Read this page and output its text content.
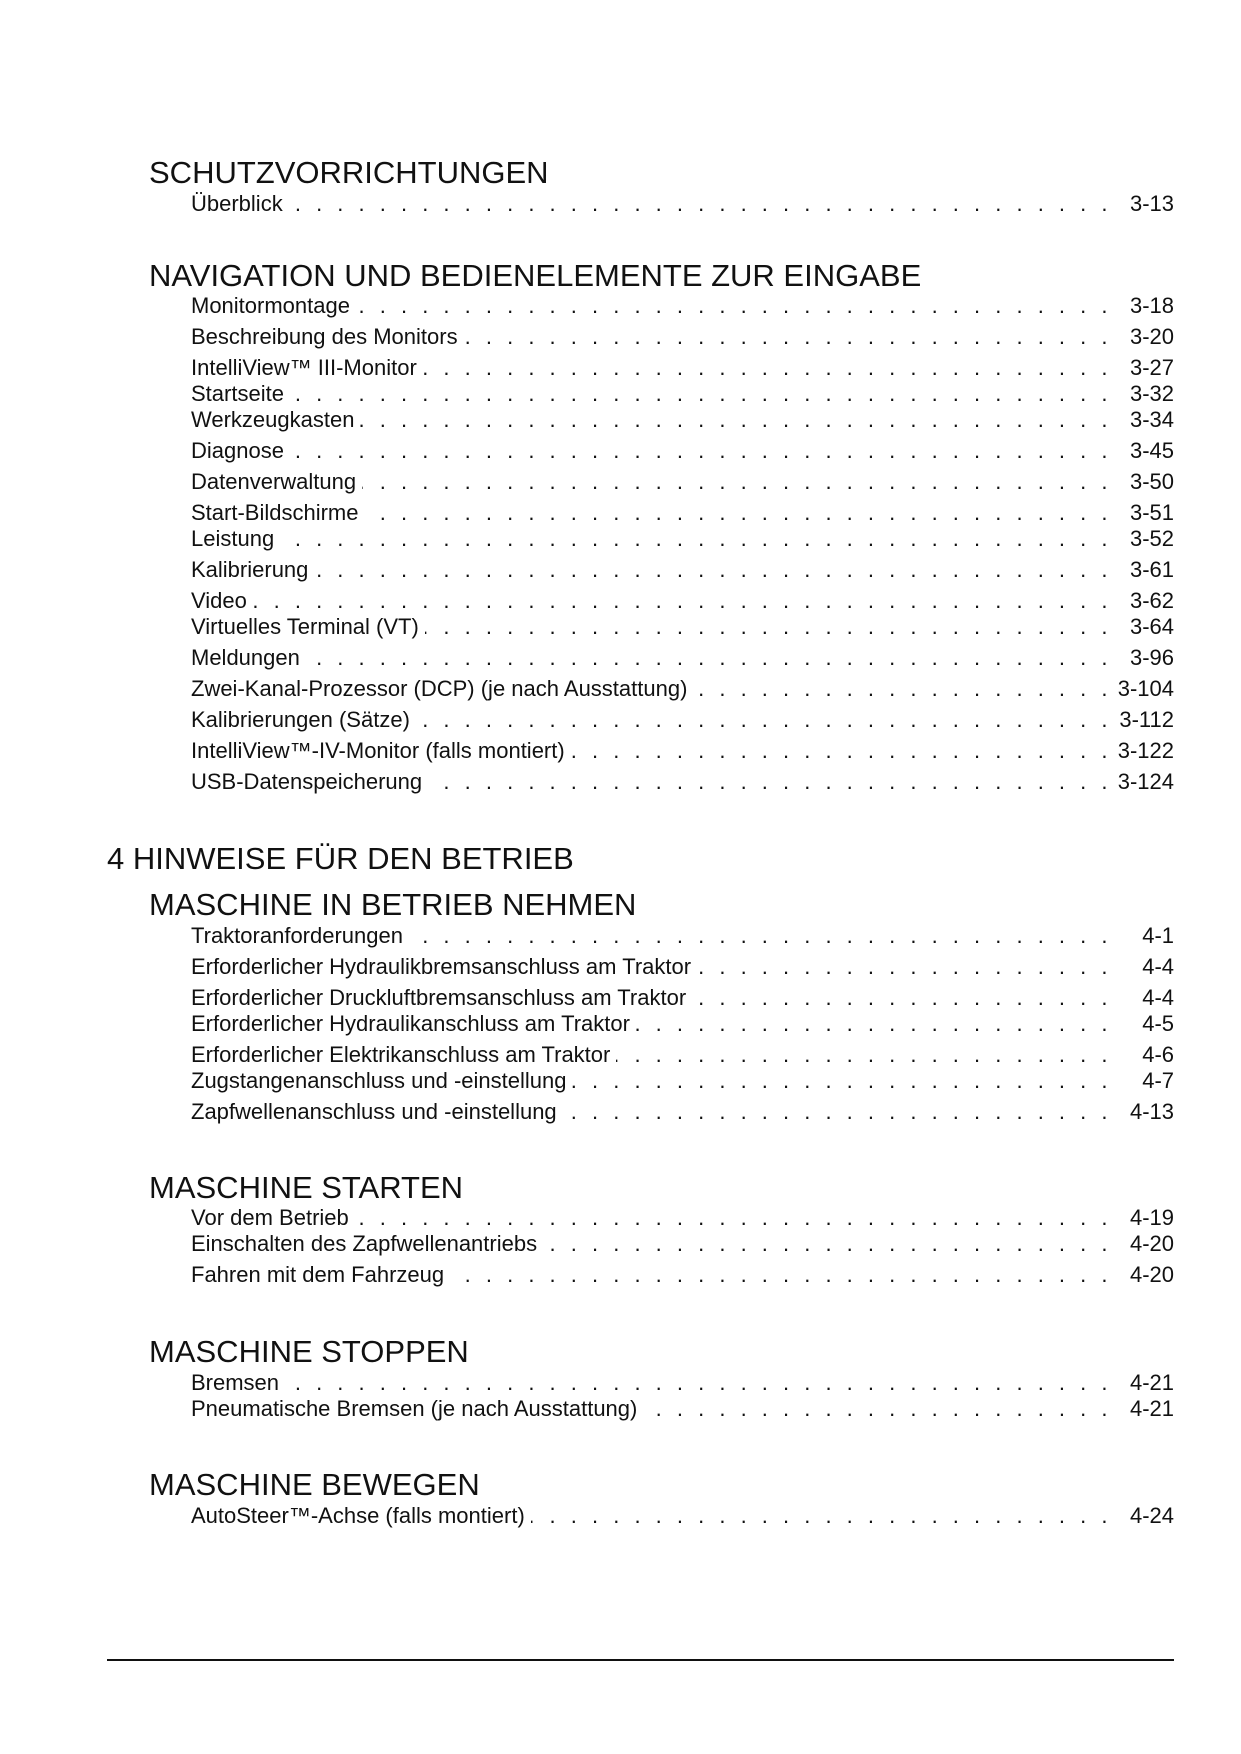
SCHUTZVORRICHTUNGEN
Überblick . . .	3-13
NAVIGATION UND BEDIENELEMENTE ZUR EINGABE
Monitormontage . . .	3-18
Beschreibung des Monitors . . .	3-20
IntelliView™ III-Monitor . . .	3-27
Startseite . . .	3-32
Werkzeugkasten . . .	3-34
Diagnose . . .	3-45
Datenverwaltung . . .	3-50
Start-Bildschirme . . .	3-51
Leistung . . .	3-52
Kalibrierung . . .	3-61
Video . . .	3-62
Virtuelles Terminal (VT) . . .	3-64
Meldungen . . .	3-96
Zwei-Kanal-Prozessor (DCP) (je nach Ausstattung) . . .	3-104
Kalibrierungen (Sätze) . . .	3-112
IntelliView™-IV-Monitor (falls montiert) . . .	3-122
USB-Datenspeicherung . . .	3-124
4 HINWEISE FÜR DEN BETRIEB
MASCHINE IN BETRIEB NEHMEN
Traktoranforderungen . . .	4-1
Erforderlicher Hydraulikbremsanschluss am Traktor . . .	4-4
Erforderlicher Druckluftbremsanschluss am Traktor . . .	4-4
Erforderlicher Hydraulikanschluss am Traktor . . .	4-5
Erforderlicher Elektrikanschluss am Traktor . . .	4-6
Zugstangenanschluss und -einstellung . . .	4-7
Zapfwellenanschluss und -einstellung . . .	4-13
MASCHINE STARTEN
Vor dem Betrieb . . .	4-19
Einschalten des Zapfwellenantriebs . . .	4-20
Fahren mit dem Fahrzeug . . .	4-20
MASCHINE STOPPEN
Bremsen . . .	4-21
Pneumatische Bremsen (je nach Ausstattung) . . .	4-21
MASCHINE BEWEGEN
AutoSteer™-Achse (falls montiert) . . .	4-24
